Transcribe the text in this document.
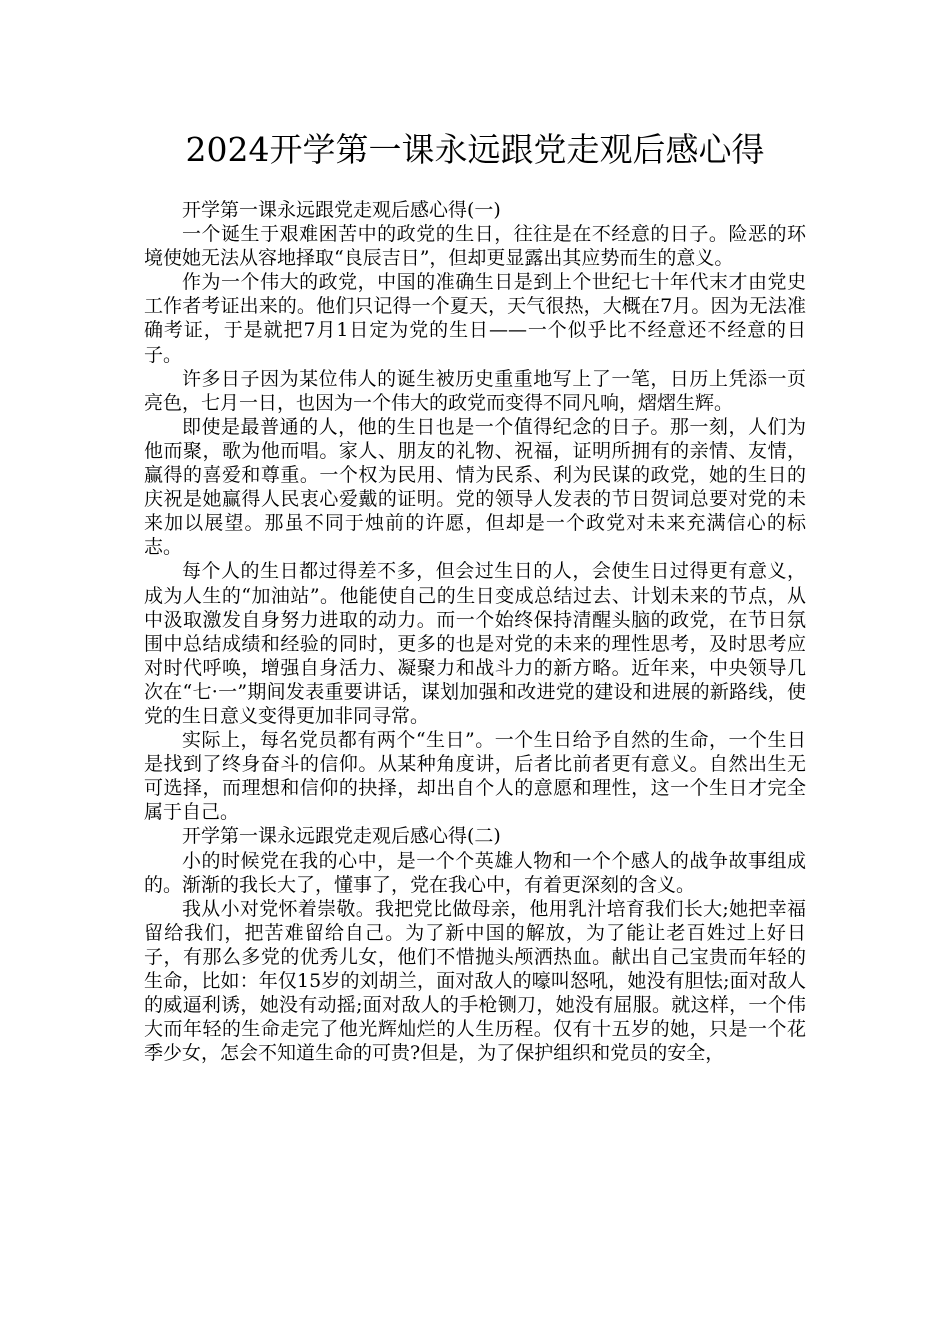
2024开学第一课永远跟党走观后感心得

开学第一课永远跟党走观后感心得(一)

一个诞生于艰难困苦中的政党的生日，往往是在不经意的日子。险恶的环境使她无法从容地择取“良辰吉日”，但却更显露出其应势而生的意义。

作为一个伟大的政党，中国的准确生日是到上个世纪七十年代末才由党史工作者考证出来的。他们只记得一个夏天，天气很热，大概在7月。因为无法准确考证，于是就把7月1日定为党的生日——一个似乎比不经意还不经意的日子。

许多日子因为某位伟人的诞生被历史重重地写上了一笔，日历上凭添一页亮色，七月一日，也因为一个伟大的政党而变得不同凡响，熠熠生辉。

即使是最普通的人，他的生日也是一个值得纪念的日子。那一刻，人们为他而聚，歌为他而唱。家人、朋友的礼物、祝福，证明所拥有的亲情、友情，赢得的喜爱和尊重。一个权为民用、情为民系、利为民谋的政党，她的生日的庆祝是她赢得人民衷心爱戴的证明。党的领导人发表的节日贺词总要对党的未来加以展望。那虽不同于烛前的许愿，但却是一个政党对未来充满信心的标志。

每个人的生日都过得差不多，但会过生日的人，会使生日过得更有意义，成为人生的“加油站”。他能使自己的生日变成总结过去、计划未来的节点，从中汲取激发自身努力进取的动力。而一个始终保持清醒头脑的政党，在节日氛围中总结成绩和经验的同时，更多的也是对党的未来的理性思考，及时思考应对时代呼唤，增强自身活力、凝聚力和战斗力的新方略。近年来，中央领导几次在“七·一”期间发表重要讲话，谋划加强和改进党的建设和进展的新路线，使党的生日意义变得更加非同寻常。

实际上，每名党员都有两个“生日”。一个生日给予自然的生命，一个生日是找到了终身奋斗的信仰。从某种角度讲，后者比前者更有意义。自然出生无可选择，而理想和信仰的抉择，却出自个人的意愿和理性，这一个生日才完全属于自己。

开学第一课永远跟党走观后感心得(二)

小的时候党在我的心中，是一个个英雄人物和一个个感人的战争故事组成的。渐渐的我长大了，懂事了，党在我心中，有着更深刻的含义。

我从小对党怀着崇敬。我把党比做母亲，他用乳汁培育我们长大;她把幸福留给我们，把苦难留给自己。为了新中国的解放，为了能让老百姓过上好日子，有那么多党的优秀儿女，他们不惜抛头颅洒热血。献出自己宝贵而年轻的生命，比如：年仅15岁的刘胡兰，面对敌人的嚎叫怒吼，她没有胆怯;面对敌人的威逼利诱，她没有动摇;面对敌人的手枪铡刀，她没有屈服。就这样，一个伟大而年轻的生命走完了他光辉灿烂的人生历程。仅有十五岁的她，只是一个花季少女，怎会不知道生命的可贵?但是，为了保护组织和党员的安全，
